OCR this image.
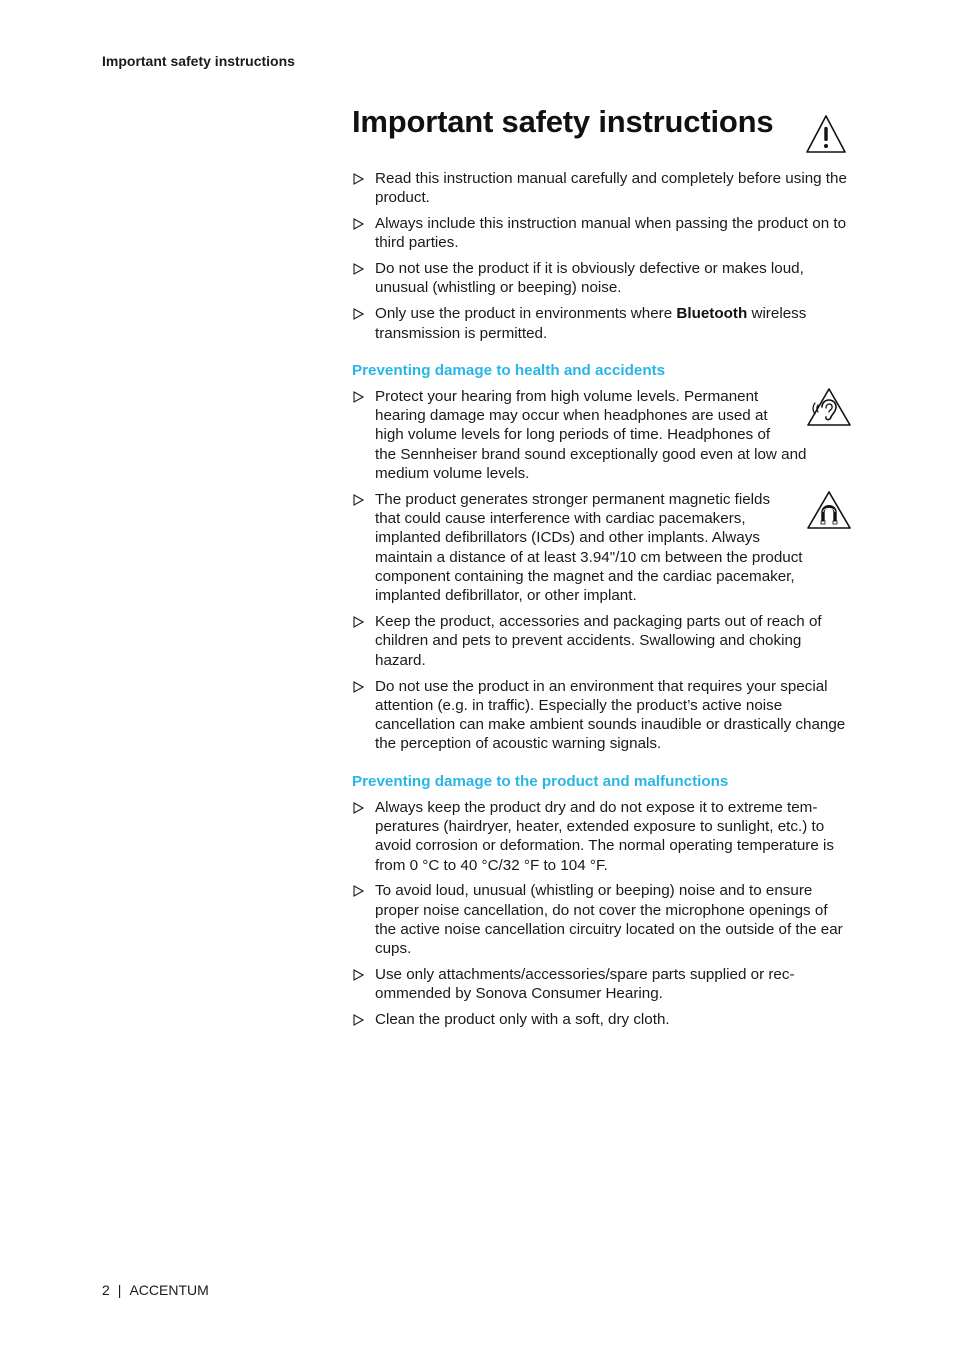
Important safety instructions
Important safety instructions
Read this instruction manual carefully and completely before using the product.
Always include this instruction manual when passing the product on to third parties.
Do not use the product if it is obviously defective or makes loud, unusual (whistling or beeping) noise.
Only use the product in environments where Bluetooth wireless transmission is permitted.
Preventing damage to health and accidents
Protect your hearing from high volume levels. Permanent hearing damage may occur when headphones are used at high volume levels for long periods of time. Headphones of the Sennheiser brand sound exceptionally good even at low and medium volume levels.
The product generates stronger permanent magnetic fields that could cause interference with cardiac pacemakers, implanted defibrillators (ICDs) and other implants. Always maintain a distance of at least 3.94"/10 cm between the product component containing the magnet and the cardiac pacemaker, implanted defibrillator, or other implant.
Keep the product, accessories and packaging parts out of reach of children and pets to prevent accidents. Swallowing and choking hazard.
Do not use the product in an environment that requires your special attention (e.g. in traffic). Especially the product’s active noise cancellation can make ambient sounds inaudible or drastically change the perception of acoustic warning signals.
Preventing damage to the product and malfunctions
Always keep the product dry and do not expose it to extreme temperatures (hairdryer, heater, extended exposure to sunlight, etc.) to avoid corrosion or deformation. The normal operating temperature is from 0 °C to 40 °C/32 °F to 104 °F.
To avoid loud, unusual (whistling or beeping) noise and to ensure proper noise cancellation, do not cover the microphone openings of the active noise cancellation circuitry located on the outside of the ear cups.
Use only attachments/accessories/spare parts supplied or recommended by Sonova Consumer Hearing.
Clean the product only with a soft, dry cloth.
2 | ACCENTUM
